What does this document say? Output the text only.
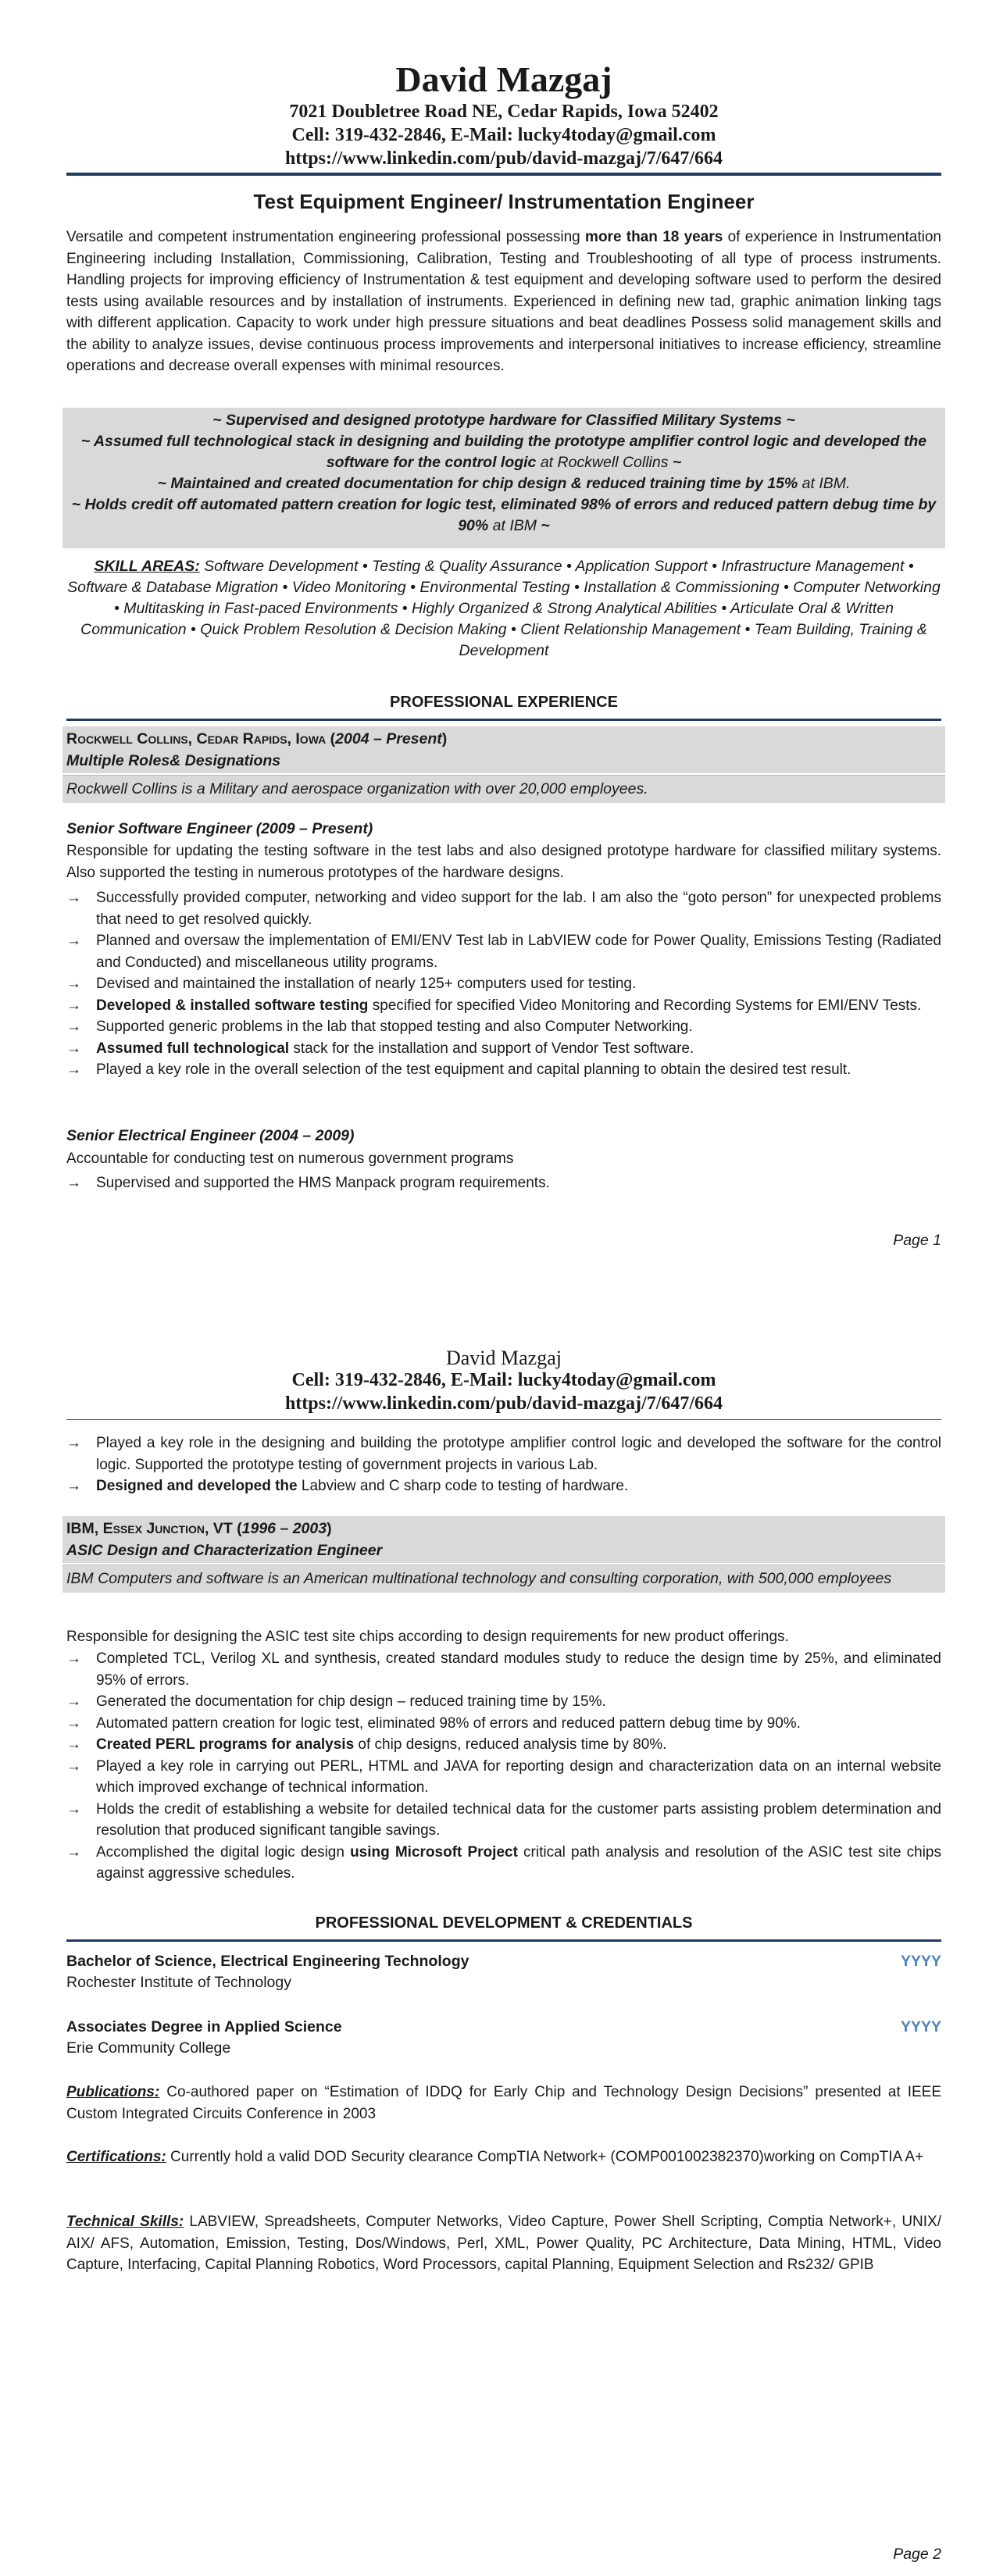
David Mazgaj
7021 Doubletree Road NE, Cedar Rapids, Iowa 52402
Cell: 319-432-2846, E-Mail: lucky4today@gmail.com
https://www.linkedin.com/pub/david-mazgaj/7/647/664
Test Equipment Engineer/ Instrumentation Engineer
Versatile and competent instrumentation engineering professional possessing more than 18 years of experience in Instrumentation Engineering including Installation, Commissioning, Calibration, Testing and Troubleshooting of all type of process instruments. Handling projects for improving efficiency of Instrumentation & test equipment and developing software used to perform the desired tests using available resources and by installation of instruments. Experienced in defining new tad, graphic animation linking tags with different application. Capacity to work under high pressure situations and beat deadlines Possess solid management skills and the ability to analyze issues, devise continuous process improvements and interpersonal initiatives to increase efficiency, streamline operations and decrease overall expenses with minimal resources.
~ Supervised and designed prototype hardware for Classified Military Systems ~
~ Assumed full technological stack in designing and building the prototype amplifier control logic and developed the software for the control logic at Rockwell Collins ~
~ Maintained and created documentation for chip design & reduced training time by 15% at IBM.
~ Holds credit off automated pattern creation for logic test, eliminated 98% of errors and reduced pattern debug time by 90% at IBM ~
SKILL AREAS: Software Development • Testing & Quality Assurance • Application Support • Infrastructure Management • Software & Database Migration • Video Monitoring • Environmental Testing • Installation & Commissioning • Computer Networking • Multitasking in Fast-paced Environments • Highly Organized & Strong Analytical Abilities • Articulate Oral & Written Communication • Quick Problem Resolution & Decision Making • Client Relationship Management • Team Building, Training & Development
PROFESSIONAL EXPERIENCE
Rockwell Collins, Cedar Rapids, Iowa (2004 – Present)
Multiple Roles& Designations
Rockwell Collins is a Military and aerospace organization with over 20,000 employees.
Senior Software Engineer (2009 – Present)
Responsible for updating the testing software in the test labs and also designed prototype hardware for classified military systems. Also supported the testing in numerous prototypes of the hardware designs.
→ Successfully provided computer, networking and video support for the lab. I am also the “goto person” for unexpected problems that need to get resolved quickly.
→ Planned and oversaw the implementation of EMI/ENV Test lab in LabVIEW code for Power Quality, Emissions Testing (Radiated and Conducted) and miscellaneous utility programs.
→ Devised and maintained the installation of nearly 125+ computers used for testing.
→ Developed & installed software testing specified for specified Video Monitoring and Recording Systems for EMI/ENV Tests.
→ Supported generic problems in the lab that stopped testing and also Computer Networking.
→ Assumed full technological stack for the installation and support of Vendor Test software.
→ Played a key role in the overall selection of the test equipment and capital planning to obtain the desired test result.
Senior Electrical Engineer (2004 – 2009)
Accountable for conducting test on numerous government programs
→ Supervised and supported the HMS Manpack program requirements.
Page 1
David Mazgaj
Cell: 319-432-2846, E-Mail: lucky4today@gmail.com
https://www.linkedin.com/pub/david-mazgaj/7/647/664
→ Played a key role in the designing and building the prototype amplifier control logic and developed the software for the control logic. Supported the prototype testing of government projects in various Lab.
→ Designed and developed the Labview and C sharp code to testing of hardware.
IBM, Essex Junction, VT (1996 – 2003)
ASIC Design and Characterization Engineer
IBM Computers and software is an American multinational technology and consulting corporation, with 500,000 employees
Responsible for designing the ASIC test site chips according to design requirements for new product offerings.
→ Completed TCL, Verilog XL and synthesis, created standard modules study to reduce the design time by 25%, and eliminated 95% of errors.
→ Generated the documentation for chip design – reduced training time by 15%.
→ Automated pattern creation for logic test, eliminated 98% of errors and reduced pattern debug time by 90%.
→ Created PERL programs for analysis of chip designs, reduced analysis time by 80%.
→ Played a key role in carrying out PERL, HTML and JAVA for reporting design and characterization data on an internal website which improved exchange of technical information.
→ Holds the credit of establishing a website for detailed technical data for the customer parts assisting problem determination and resolution that produced significant tangible savings.
→ Accomplished the digital logic design using Microsoft Project critical path analysis and resolution of the ASIC test site chips against aggressive schedules.
PROFESSIONAL DEVELOPMENT & CREDENTIALS
Bachelor of Science, Electrical Engineering Technology
Rochester Institute of Technology
YYYY
Associates Degree in Applied Science
Erie Community College
YYYY
Publications: Co-authored paper on “Estimation of IDDQ for Early Chip and Technology Design Decisions” presented at IEEE Custom Integrated Circuits Conference in 2003
Certifications: Currently hold a valid DOD Security clearance CompTIA Network+ (COMP001002382370)working on CompTIA A+
Technical Skills: LABVIEW, Spreadsheets, Computer Networks, Video Capture, Power Shell Scripting, Comptia Network+, UNIX/ AIX/ AFS, Automation, Emission, Testing, Dos/Windows, Perl, XML, Power Quality, PC Architecture, Data Mining, HTML, Video Capture, Interfacing, Capital Planning Robotics, Word Processors, capital Planning, Equipment Selection and Rs232/ GPIB
Page 2
